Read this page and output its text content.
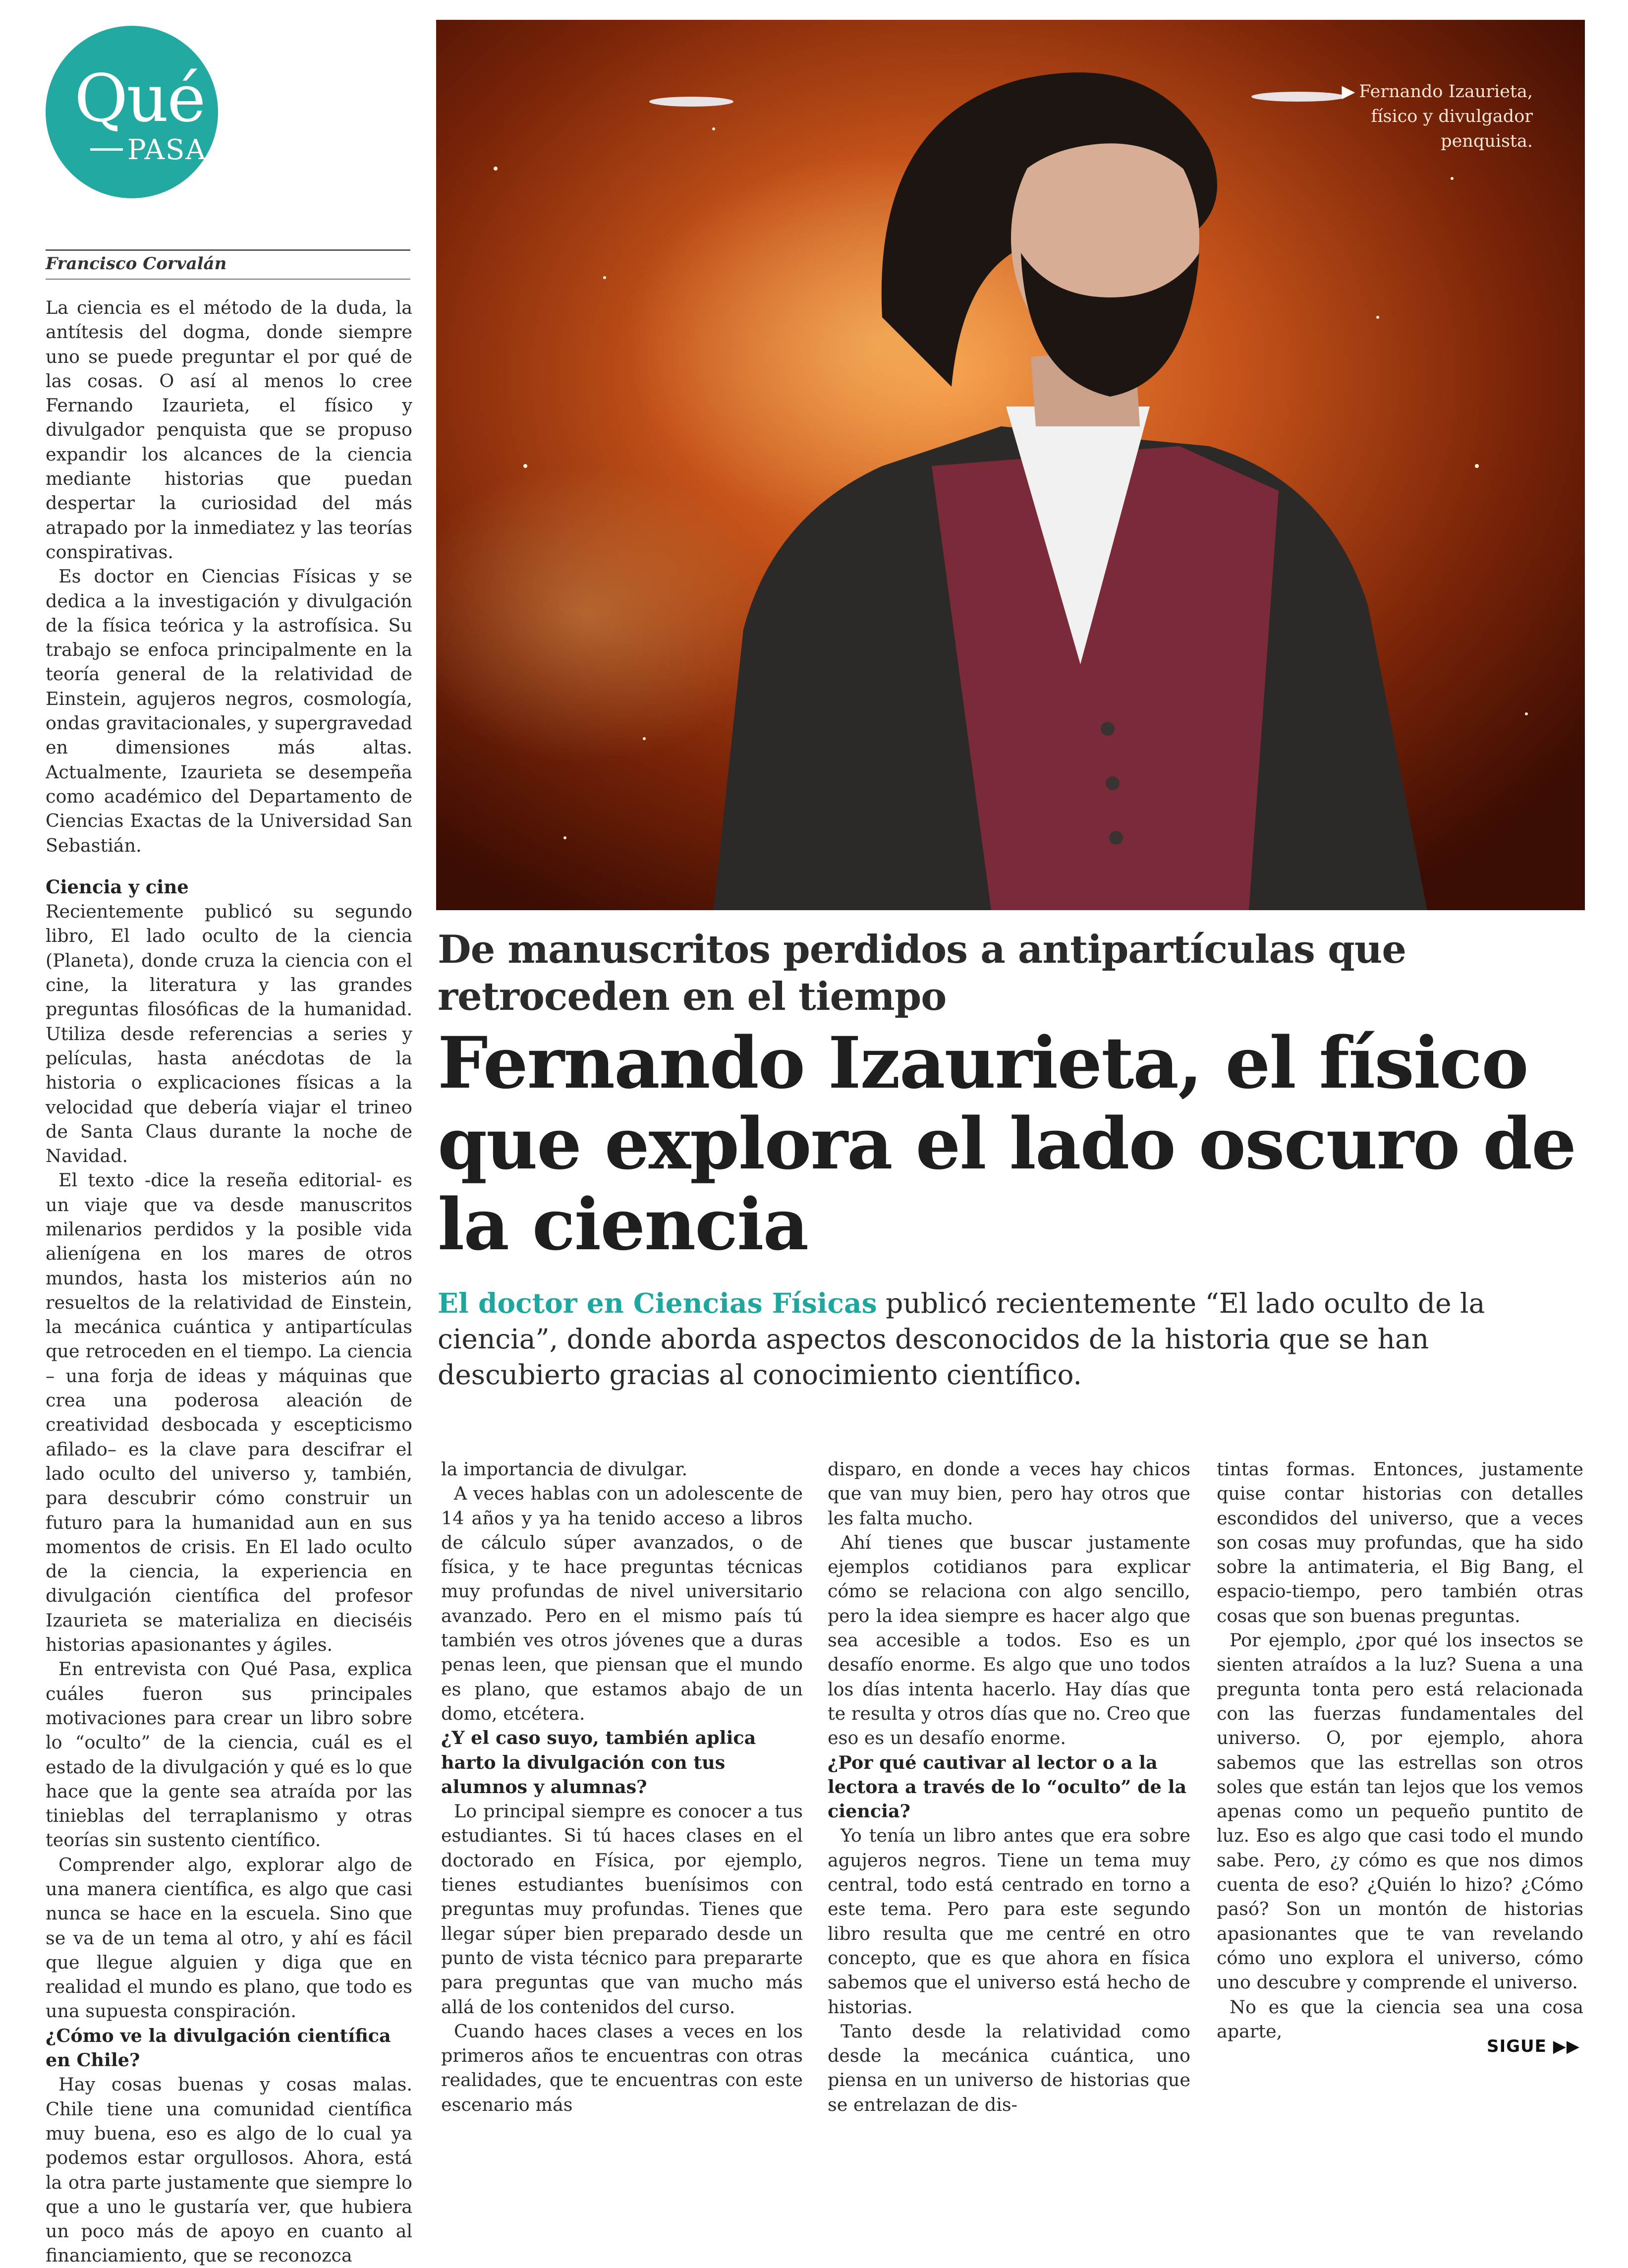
Qué
PASA
Francisco Corvalán

La ciencia es el método de la duda, la antítesis del dogma, donde siempre uno se puede preguntar el por qué de las cosas. O así al menos lo cree Fernando Izaurieta, el físico y divulgador penquista que se propuso expandir los alcances de la ciencia mediante historias que puedan despertar la curiosidad del más atrapado por la inmediatez y las teorías conspirativas.

Es doctor en Ciencias Físicas y se dedica a la investigación y divulgación de la física teórica y la astrofísica. Su trabajo se enfoca principalmente en la teoría general de la relatividad de Einstein, agujeros negros, cosmología, ondas gravitacionales, y supergravedad en dimensiones más altas. Actualmente, Izaurieta se desempeña como académico del Departamento de Ciencias Exactas de la Universidad San Sebastián.

Ciencia y cine

Recientemente publicó su segundo libro, El lado oculto de la ciencia (Planeta), donde cruza la ciencia con el cine, la literatura y las grandes preguntas filosóficas de la humanidad. Utiliza desde referencias a series y películas, hasta anécdotas de la historia o explicaciones físicas a la velocidad que debería viajar el trineo de Santa Claus durante la noche de Navidad.

El texto -dice la reseña editorial- es un viaje que va desde manuscritos milenarios perdidos y la posible vida alienígena en los mares de otros mundos, hasta los misterios aún no resueltos de la relatividad de Einstein, la mecánica cuántica y antipartículas que retroceden en el tiempo. La ciencia – una forja de ideas y máquinas que crea una poderosa aleación de creatividad desbocada y escepticismo afilado– es la clave para descifrar el lado oculto del universo y, también, para descubrir cómo construir un futuro para la humanidad aun en sus momentos de crisis. En El lado oculto de la ciencia, la experiencia en divulgación científica del profesor Izaurieta se materializa en dieciséis historias apasionantes y ágiles.

En entrevista con Qué Pasa, explica cuáles fueron sus principales motivaciones para crear un libro sobre lo “oculto” de la ciencia, cuál es el estado de la divulgación y qué es lo que hace que la gente sea atraída por las tinieblas del terraplanismo y otras teorías sin sustento científico.

Comprender algo, explorar algo de una manera científica, es algo que casi nunca se hace en la escuela. Sino que se va de un tema al otro, y ahí es fácil que llegue alguien y diga que en realidad el mundo es plano, que todo es una supuesta conspiración.

¿Cómo ve la divulgación científica en Chile?

Hay cosas buenas y cosas malas. Chile tiene una comunidad científica muy buena, eso es algo de lo cual ya podemos estar orgullosos. Ahora, está la otra parte justamente que siempre lo que a uno le gustaría ver, que hubiera un poco más de apoyo en cuanto al financiamiento, que se reconozca

▶ Fernando Izaurieta,
físico y divulgador
penquista.
De manuscritos perdidos a antipartículas que retroceden en el tiempo
Fernando Izaurieta, el físico que explora el lado oscuro de la ciencia
El doctor en Ciencias Físicas publicó recientemente “El lado oculto de la ciencia”, donde aborda aspectos desconocidos de la historia que se han descubierto gracias al conocimiento científico.

la importancia de divulgar.

A veces hablas con un adolescente de 14 años y ya ha tenido acceso a libros de cálculo súper avanzados, o de física, y te hace preguntas técnicas muy profundas de nivel universitario avanzado. Pero en el mismo país tú también ves otros jóvenes que a duras penas leen, que piensan que el mundo es plano, que estamos abajo de un domo, etcétera.

¿Y el caso suyo, también aplica harto la divulgación con tus alumnos y alumnas?

Lo principal siempre es conocer a tus estudiantes. Si tú haces clases en el doctorado en Física, por ejemplo, tienes estudiantes buenísimos con preguntas muy profundas. Tienes que llegar súper bien preparado desde un punto de vista técnico para prepararte para preguntas que van mucho más allá de los contenidos del curso.

Cuando haces clases a veces en los primeros años te encuentras con otras realidades, que te encuentras con este escenario más

disparo, en donde a veces hay chicos que van muy bien, pero hay otros que les falta mucho.

Ahí tienes que buscar justamente ejemplos cotidianos para explicar cómo se relaciona con algo sencillo, pero la idea siempre es hacer algo que sea accesible a todos. Eso es un desafío enorme. Es algo que uno todos los días intenta hacerlo. Hay días que te resulta y otros días que no. Creo que eso es un desafío enorme.

¿Por qué cautivar al lector o a la lectora a través de lo “oculto” de la ciencia?

Yo tenía un libro antes que era sobre agujeros negros. Tiene un tema muy central, todo está centrado en torno a este tema. Pero para este segundo libro resulta que me centré en otro concepto, que es que ahora en física sabemos que el universo está hecho de historias.

Tanto desde la relatividad como desde la mecánica cuántica, uno piensa en un universo de historias que se entrelazan de dis-

tintas formas. Entonces, justamente quise contar historias con detalles escondidos del universo, que a veces son cosas muy profundas, que ha sido sobre la antimateria, el Big Bang, el espacio-tiempo, pero también otras cosas que son buenas preguntas.

Por ejemplo, ¿por qué los insectos se sienten atraídos a la luz? Suena a una pregunta tonta pero está relacionada con las fuerzas fundamentales del universo. O, por ejemplo, ahora sabemos que las estrellas son otros soles que están tan lejos que los vemos apenas como un pequeño puntito de luz. Eso es algo que casi todo el mundo sabe. Pero, ¿y cómo es que nos dimos cuenta de eso? ¿Quién lo hizo? ¿Cómo pasó? Son un montón de historias apasionantes que te van revelando cómo uno explora el universo, cómo uno descubre y comprende el universo.

No es que la ciencia sea una cosa aparte,

SIGUE ▶▶
